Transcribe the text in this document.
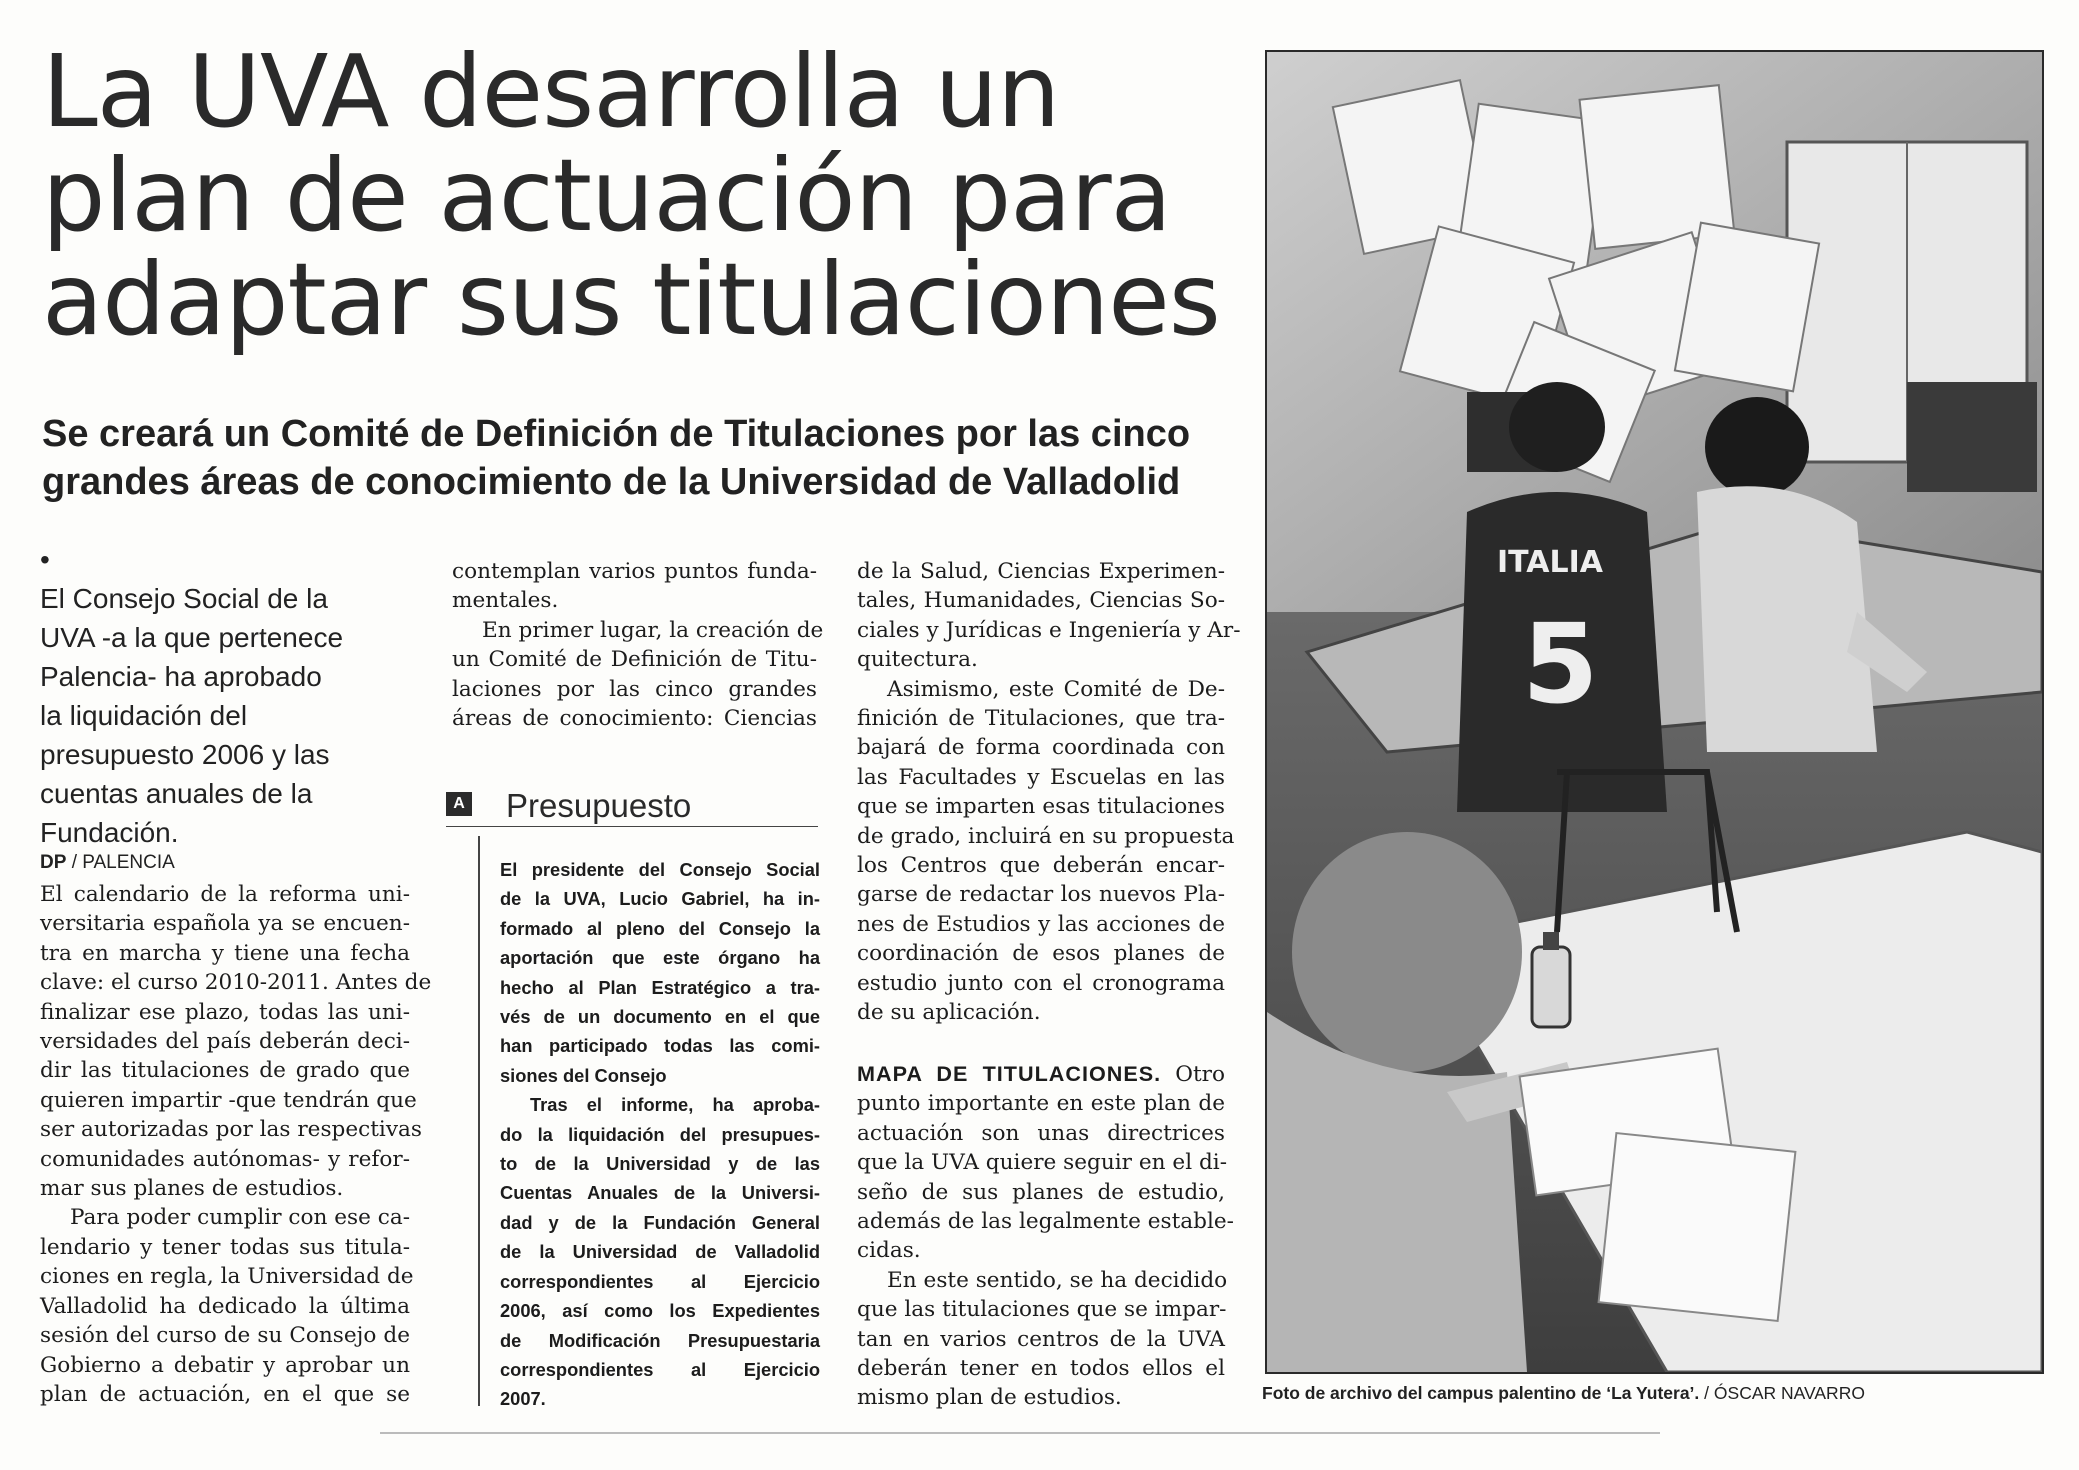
La UVA desarrolla un
plan de actuación para
adaptar sus titulaciones
Se creará un Comité de Definición de Titulaciones por las cinco
grandes áreas de conocimiento de la Universidad de Valladolid

•
El Consejo Social de la
UVA -a la que pertenece
Palencia- ha aprobado
la liquidación del
presupuesto 2006 y las
cuentas anuales de la
Fundación.

DP / PALENCIA

El calendario de la reforma uni-
versitaria española ya se encuen-
tra en marcha y tiene una fecha
clave: el curso 2010-2011. Antes de
finalizar ese plazo, todas las uni-
versidades del país deberán deci-
dir las titulaciones de grado que
quieren impartir -que tendrán que
ser autorizadas por las respectivas
comunidades autónomas- y refor-
mar sus planes de estudios.
Para poder cumplir con ese ca-
lendario y tener todas sus titula-
ciones en regla, la Universidad de
Valladolid ha dedicado la última
sesión del curso de su Consejo de
Gobierno a debatir y aprobar un
plan de actuación, en el que se

contemplan varios puntos funda-
mentales.
En primer lugar, la creación de
un Comité de Definición de Titu-
laciones por las cinco grandes
áreas de conocimiento: Ciencias

A Presupuesto

El presidente del Consejo Social
de la UVA, Lucio Gabriel, ha in-
formado al pleno del Consejo la
aportación que este órgano ha
hecho al Plan Estratégico a tra-
vés de un documento en el que
han participado todas las comi-
siones del Consejo
Tras el informe, ha aproba-
do la liquidación del presupues-
to de la Universidad y de las
Cuentas Anuales de la Universi-
dad y de la Fundación General
de la Universidad de Valladolid
correspondientes al Ejercicio
2006, así como los Expedientes
de Modificación Presupuestaria
correspondientes al Ejercicio
2007.

de la Salud, Ciencias Experimen-
tales, Humanidades, Ciencias So-
ciales y Jurídicas e Ingeniería y Ar-
quitectura.
Asimismo, este Comité de De-
finición de Titulaciones, que tra-
bajará de forma coordinada con
las Facultades y Escuelas en las
que se imparten esas titulaciones
de grado, incluirá en su propuesta
los Centros que deberán encar-
garse de redactar los nuevos Pla-
nes de Estudios y las acciones de
coordinación de esos planes de
estudio junto con el cronograma
de su aplicación.

MAPA DE TITULACIONES. Otro
punto importante en este plan de
actuación son unas directrices
que la UVA quiere seguir en el di-
seño de sus planes de estudio,
además de las legalmente estable-
cidas.
En este sentido, se ha decidido
que las titulaciones que se impar-
tan en varios centros de la UVA
deberán tener en todos ellos el
mismo plan de estudios.

ITALIA
5
Foto de archivo del campus palentino de ‘La Yutera’. / ÓSCAR NAVARRO
